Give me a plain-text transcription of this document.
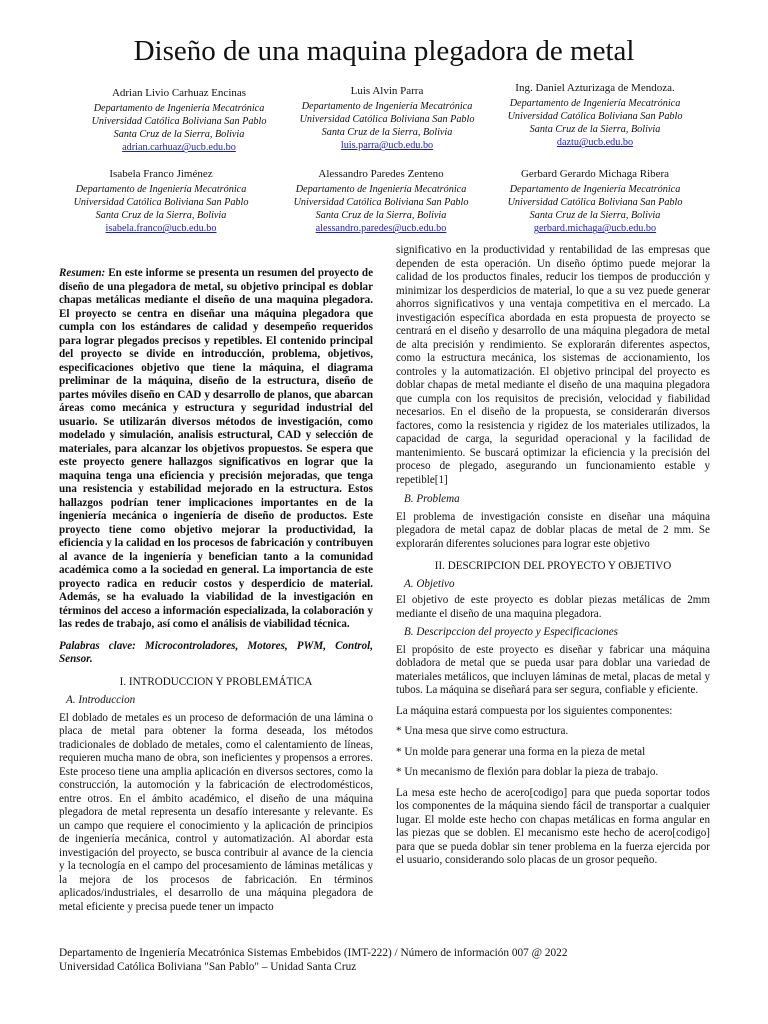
Diseño de una maquina plegadora de metal
Adrian Livio Carhuaz Encinas
Departamento de Ingeniería Mecatrónica
Universidad Católica Boliviana San Pablo
Santa Cruz de la Sierra, Bolivia
adrian.carhuaz@ucb.edu.bo
Luis Alvin Parra
Departamento de Ingeniería Mecatrónica
Universidad Católica Boliviana San Pablo
Santa Cruz de la Sierra, Bolivia
luis.parra@ucb.edu.bo
Ing. Daniel Azturizaga de Mendoza.
Departamento de Ingeniería Mecatrónica
Universidad Católica Boliviana San Pablo
Santa Cruz de la Sierra, Bolivia
daztu@ucb.edu.bo
Isabela Franco Jiménez
Departamento de Ingeniería Mecatrónica
Universidad Católica Boliviana San Pablo
Santa Cruz de la Sierra, Bolivia
isabela.franco@ucb.edu.bo
Alessandro Paredes Zenteno
Departamento de Ingeniería Mecatrónica
Universidad Católica Boliviana San Pablo
Santa Cruz de la Sierra, Bolivia
alessandro.paredes@ucb.edu.bo
Gerbard Gerardo Michaga Ribera
Departamento de Ingeniería Mecatrónica
Universidad Católica Boliviana San Pablo
Santa Cruz de la Sierra, Bolivia
gerbard.michaga@ucb.edu.bo

Resumen: En este informe se presenta un resumen del proyecto de diseño de una plegadora de metal, su objetivo principal es doblar chapas metálicas mediante el diseño de una maquina plegadora. El proyecto se centra en diseñar una máquina plegadora que cumpla con los estándares de calidad y desempeño requeridos para lograr plegados precisos y repetibles. El contenido principal del proyecto se divide en introducción, problema, objetivos, especificaciones objetivo que tiene la máquina, el diagrama preliminar de la máquina, diseño de la estructura, diseño de partes móviles diseño en CAD y desarrollo de planos, que abarcan áreas como mecánica y estructura y seguridad industrial del usuario. Se utilizarán diversos métodos de investigación, como modelado y simulación, analisis estructural, CAD y selección de materiales, para alcanzar los objetivos propuestos. Se espera que este proyecto genere hallazgos significativos en lograr que la maquina tenga una eficiencia y precisión mejoradas, que tenga una resistencia y estabilidad mejorado en la estructura. Estos hallazgos podrían tener implicaciones importantes en de la ingeniería mecánica o ingeniería de diseño de productos. Este proyecto tiene como objetivo mejorar la productividad, la eficiencia y la calidad en los procesos de fabricación y contribuyen al avance de la ingeniería y benefician tanto a la comunidad académica como a la sociedad en general. La importancia de este proyecto radica en reducir costos y desperdicio de material. Además, se ha evaluado la viabilidad de la investigación en términos del acceso a información especializada, la colaboración y las redes de trabajo, así como el análisis de viabilidad técnica.

Palabras clave: Microcontroladores, Motores, PWM, Control, Sensor.

I. INTRODUCCION Y PROBLEMÁTICA

A. Introduccion

El doblado de metales es un proceso de deformación de una lámina o placa de metal para obtener la forma deseada, los métodos tradicionales de doblado de metales, como el calentamiento de líneas, requieren mucha mano de obra, son ineficientes y propensos a errores. Este proceso tiene una amplia aplicación en diversos sectores, como la construcción, la automoción y la fabricación de electrodomésticos, entre otros. En el ámbito académico, el diseño de una máquina plegadora de metal representa un desafío interesante y relevante. Es un campo que requiere el conocimiento y la aplicación de principios de ingeniería mecánica, control y automatización. Al abordar esta investigación del proyecto, se busca contribuir al avance de la ciencia y la tecnología en el campo del procesamiento de láminas metálicas y la mejora de los procesos de fabricación. En términos aplicados/industriales, el desarrollo de una máquina plegadora de metal eficiente y precisa puede tener un impacto

significativo en la productividad y rentabilidad de las empresas que dependen de esta operación. Un diseño óptimo puede mejorar la calidad de los productos finales, reducir los tiempos de producción y minimizar los desperdicios de material, lo que a su vez puede generar ahorros significativos y una ventaja competitiva en el mercado. La investigación específica abordada en esta propuesta de proyecto se centrará en el diseño y desarrollo de una máquina plegadora de metal de alta precisión y rendimiento. Se explorarán diferentes aspectos, como la estructura mecánica, los sistemas de accionamiento, los controles y la automatización. El objetivo principal del proyecto es doblar chapas de metal mediante el diseño de una maquina plegadora que cumpla con los requisitos de precisión, velocidad y fiabilidad necesarios. En el diseño de la propuesta, se considerarán diversos factores, como la resistencia y rigidez de los materiales utilizados, la capacidad de carga, la seguridad operacional y la facilidad de mantenimiento. Se buscará optimizar la eficiencia y la precisión del proceso de plegado, asegurando un funcionamiento estable y repetible[1]

B. Problema

El problema de investigación consiste en diseñar una máquina plegadora de metal capaz de doblar placas de metal de 2 mm. Se explorarán diferentes soluciones para lograr este objetivo

II. DESCRIPCION DEL PROYECTO Y OBJETIVO

A. Objetivo

El objetivo de este proyecto es doblar piezas metálicas de 2mm mediante el diseño de una maquina plegadora.

B. Descripccion del proyecto y Especificaciones

El propósito de este proyecto es diseñar y fabricar una máquina dobladora de metal que se pueda usar para doblar una variedad de materiales metálicos, que incluyen láminas de metal, placas de metal y tubos. La máquina se diseñará para ser segura, confiable y eficiente.

La máquina estará compuesta por los siguientes componentes:

* Una mesa que sirve como estructura.

* Un molde para generar una forma en la pieza de metal

* Un mecanismo de flexión para doblar la pieza de trabajo.

La mesa este hecho de acero[codigo] para que pueda soportar todos los componentes de la máquina siendo fácil de transportar a cualquier lugar. El molde este hecho con chapas metálicas en forma angular en las piezas que se doblen. El mecanismo este hecho de acero[codigo] para que se pueda doblar sin tener problema en la fuerza ejercida por el usuario, considerando solo placas de un grosor pequeño.

Departamento de Ingeniería Mecatrónica Sistemas Embebidos (IMT-222) / Número de información 007 @ 2022
Universidad Católica Boliviana "San Pablo" – Unidad Santa Cruz
